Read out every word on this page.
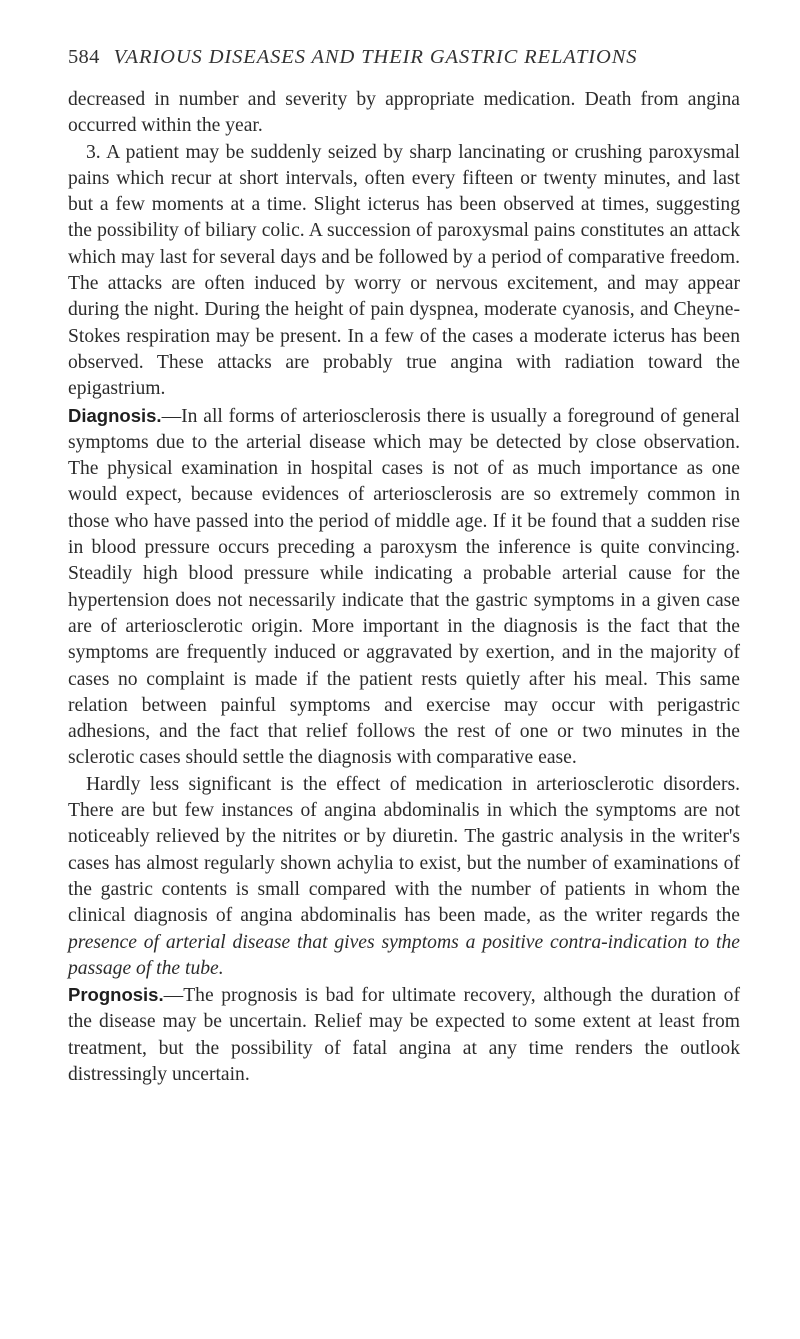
584 VARIOUS DISEASES AND THEIR GASTRIC RELATIONS

decreased in number and severity by appropriate medication. Death from angina occurred within the year.

3. A patient may be suddenly seized by sharp lancinating or crushing paroxysmal pains which recur at short intervals, often every fifteen or twenty minutes, and last but a few moments at a time. Slight icterus has been observed at times, suggesting the possibility of biliary colic. A succession of paroxysmal pains constitutes an attack which may last for several days and be followed by a period of comparative freedom. The attacks are often induced by worry or nervous excitement, and may appear during the night. During the height of pain dyspnea, moderate cyanosis, and Cheyne-Stokes respiration may be present. In a few of the cases a moderate icterus has been observed. These attacks are probably true angina with radiation toward the epigastrium.

Diagnosis.—In all forms of arteriosclerosis there is usually a foreground of general symptoms due to the arterial disease which may be detected by close observation. The physical examination in hospital cases is not of as much importance as one would expect, because evidences of arteriosclerosis are so extremely common in those who have passed into the period of middle age. If it be found that a sudden rise in blood pressure occurs preceding a paroxysm the inference is quite convincing. Steadily high blood pressure while indicating a probable arterial cause for the hypertension does not necessarily indicate that the gastric symptoms in a given case are of arteriosclerotic origin. More important in the diagnosis is the fact that the symptoms are frequently induced or aggravated by exertion, and in the majority of cases no complaint is made if the patient rests quietly after his meal. This same relation between painful symptoms and exercise may occur with perigastric adhesions, and the fact that relief follows the rest of one or two minutes in the sclerotic cases should settle the diagnosis with comparative ease.

Hardly less significant is the effect of medication in arteriosclerotic disorders. There are but few instances of angina abdominalis in which the symptoms are not noticeably relieved by the nitrites or by diuretin. The gastric analysis in the writer's cases has almost regularly shown achylia to exist, but the number of examinations of the gastric contents is small compared with the number of patients in whom the clinical diagnosis of angina abdominalis has been made, as the writer regards the presence of arterial disease that gives symptoms a positive contra-indication to the passage of the tube.

Prognosis.—The prognosis is bad for ultimate recovery, although the duration of the disease may be uncertain. Relief may be expected to some extent at least from treatment, but the possibility of fatal angina at any time renders the outlook distressingly uncertain.
